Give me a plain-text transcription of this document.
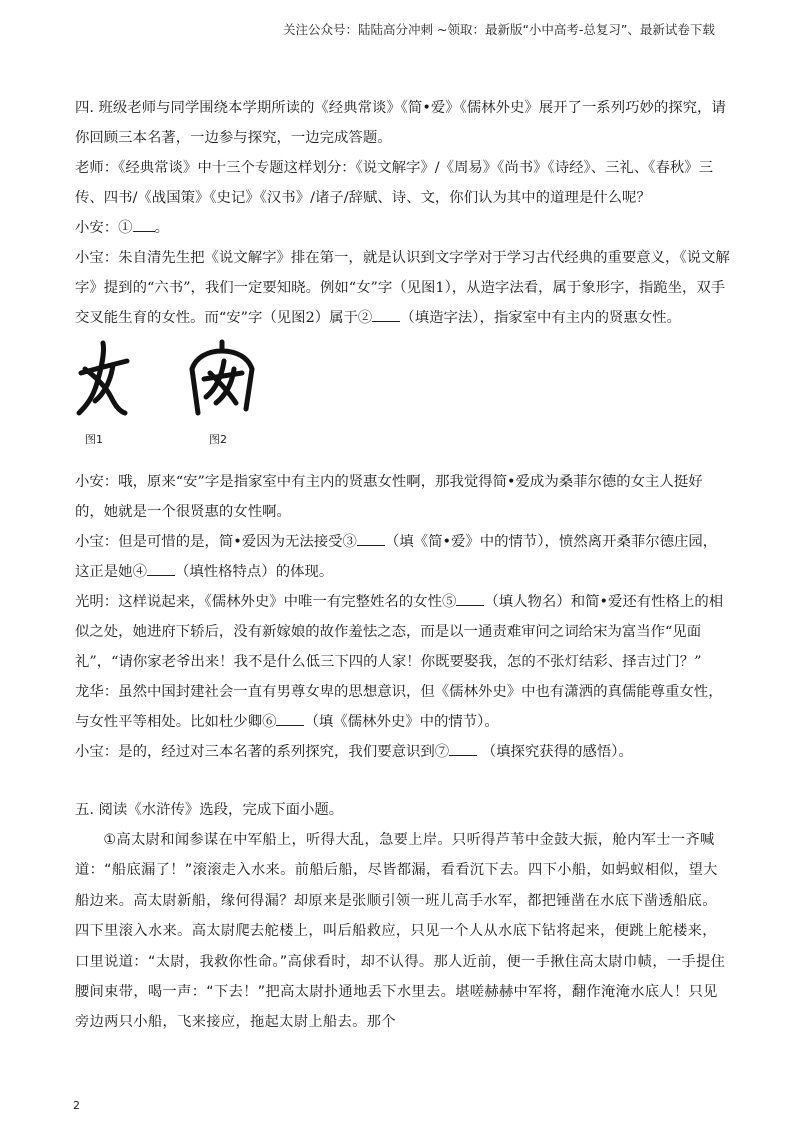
关注公众号：陆陆高分冲刺 ~领取：最新版“小中高考-总复习”、最新试卷下载

四. 班级老师与同学围绕本学期所读的《经典常谈》《简•爱》《儒林外史》展开了一系列巧妙的探究，请你回顾三本名著，一边参与探究，一边完成答题。

老师：《经典常谈》中十三个专题这样划分：《说文解字》/《周易》《尚书》《诗经》、三礼、《春秋》三传、四书/《战国策》《史记》《汉书》/诸子/辞赋、诗、文，你们认为其中的道理是什么呢？

小安：① 。

小宝：朱自清先生把《说文解字》排在第一，就是认识到文字学对于学习古代经典的重要意义，《说文解字》提到的“六书”，我们一定要知晓。例如“女”字（见图1），从造字法看，属于象形字，指跪坐，双手交叉能生育的女性。而“安”字（见图2）属于② （填造字法），指家室中有主内的贤惠女性。

图1	图2

小安：哦，原来“安”字是指家室中有主内的贤惠女性啊，那我觉得简•爱成为桑菲尔德的女主人挺好的，她就是一个很贤惠的女性啊。

小宝：但是可惜的是，简•爱因为无法接受③ （填《简•爱》中的情节），愤然离开桑菲尔德庄园，这正是她④ （填性格特点）的体现。

光明：这样说起来，《儒林外史》中唯一有完整姓名的女性⑤ （填人物名）和简•爱还有性格上的相似之处，她进府下轿后，没有新嫁娘的故作羞怯之态，而是以一通责难审问之词给宋为富当作“见面礼”，“请你家老爷出来！我不是什么低三下四的人家！你既要娶我，怎的不张灯结彩、择吉过门？”

龙华：虽然中国封建社会一直有男尊女卑的思想意识，但《儒林外史》中也有潇洒的真儒能尊重女性，与女性平等相处。比如杜少卿⑥ （填《儒林外史》中的情节）。

小宝：是的，经过对三本名著的系列探究，我们要意识到⑦ （填探究获得的感悟）。

五. 阅读《水浒传》选段，完成下面小题。

①高太尉和闻参谋在中军船上，听得大乱，急要上岸。只听得芦苇中金鼓大振，舱内军士一齐喊道：“船底漏了！”滚滚走入水来。前船后船，尽皆都漏，看看沉下去。四下小船，如蚂蚁相似，望大船边来。高太尉新船，缘何得漏？却原来是张顺引领一班儿高手水军，都把锤凿在水底下凿透船底。四下里滚入水来。高太尉爬去舵楼上，叫后船救应，只见一个人从水底下钻将起来，便跳上舵楼来，口里说道：“太尉，我救你性命。”高俅看时，却不认得。那人近前，便一手揪住高太尉巾帻，一手提住腰间束带，喝一声：“下去！”把高太尉扑通地丢下水里去。堪嗟赫赫中军将，翻作淹淹水底人！只见旁边两只小船，飞来接应，拖起太尉上船去。那个

2
